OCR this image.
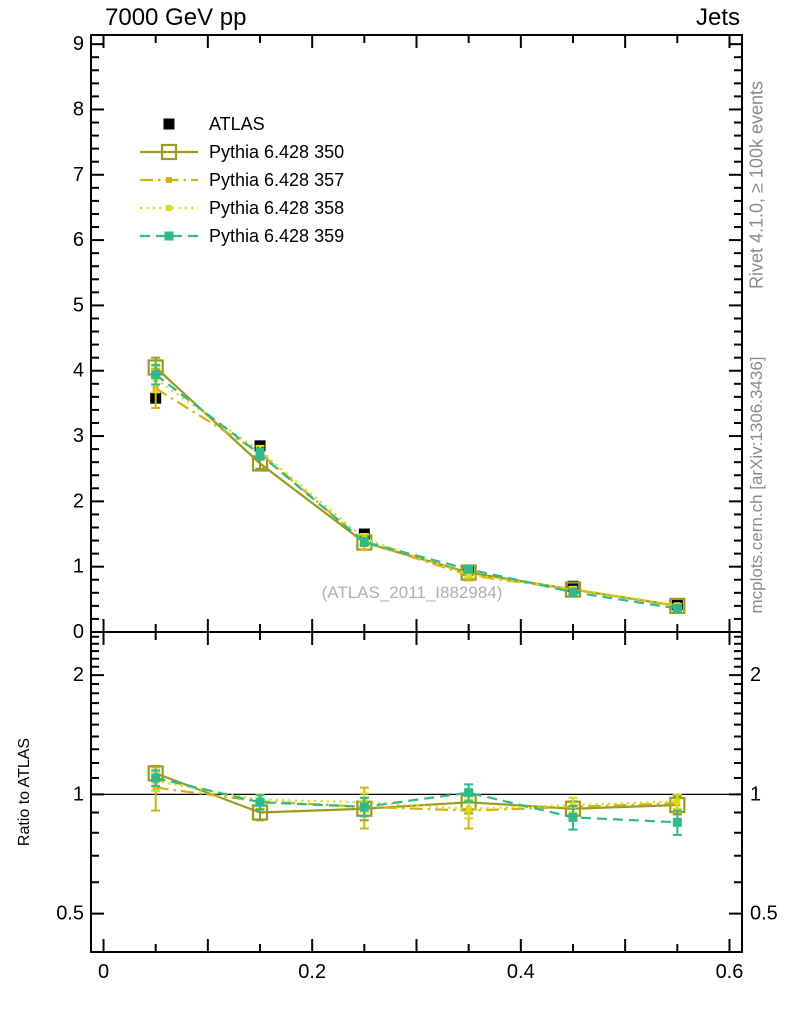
0
1
2
3
4
5
6
7
8
9
0.5	0.5
1	1
2	2
0	0.2	0.4	0.6
7000 GeV pp	Jets
Rivet 4.1.0, ≥ 100k events
mcplots.cern.ch [arXiv:1306.3436]
(ATLAS_2011_I882984)
Ratio to ATLAS
ATLAS
Pythia 6.428 350
Pythia 6.428 357
Pythia 6.428 358
Pythia 6.428 359
